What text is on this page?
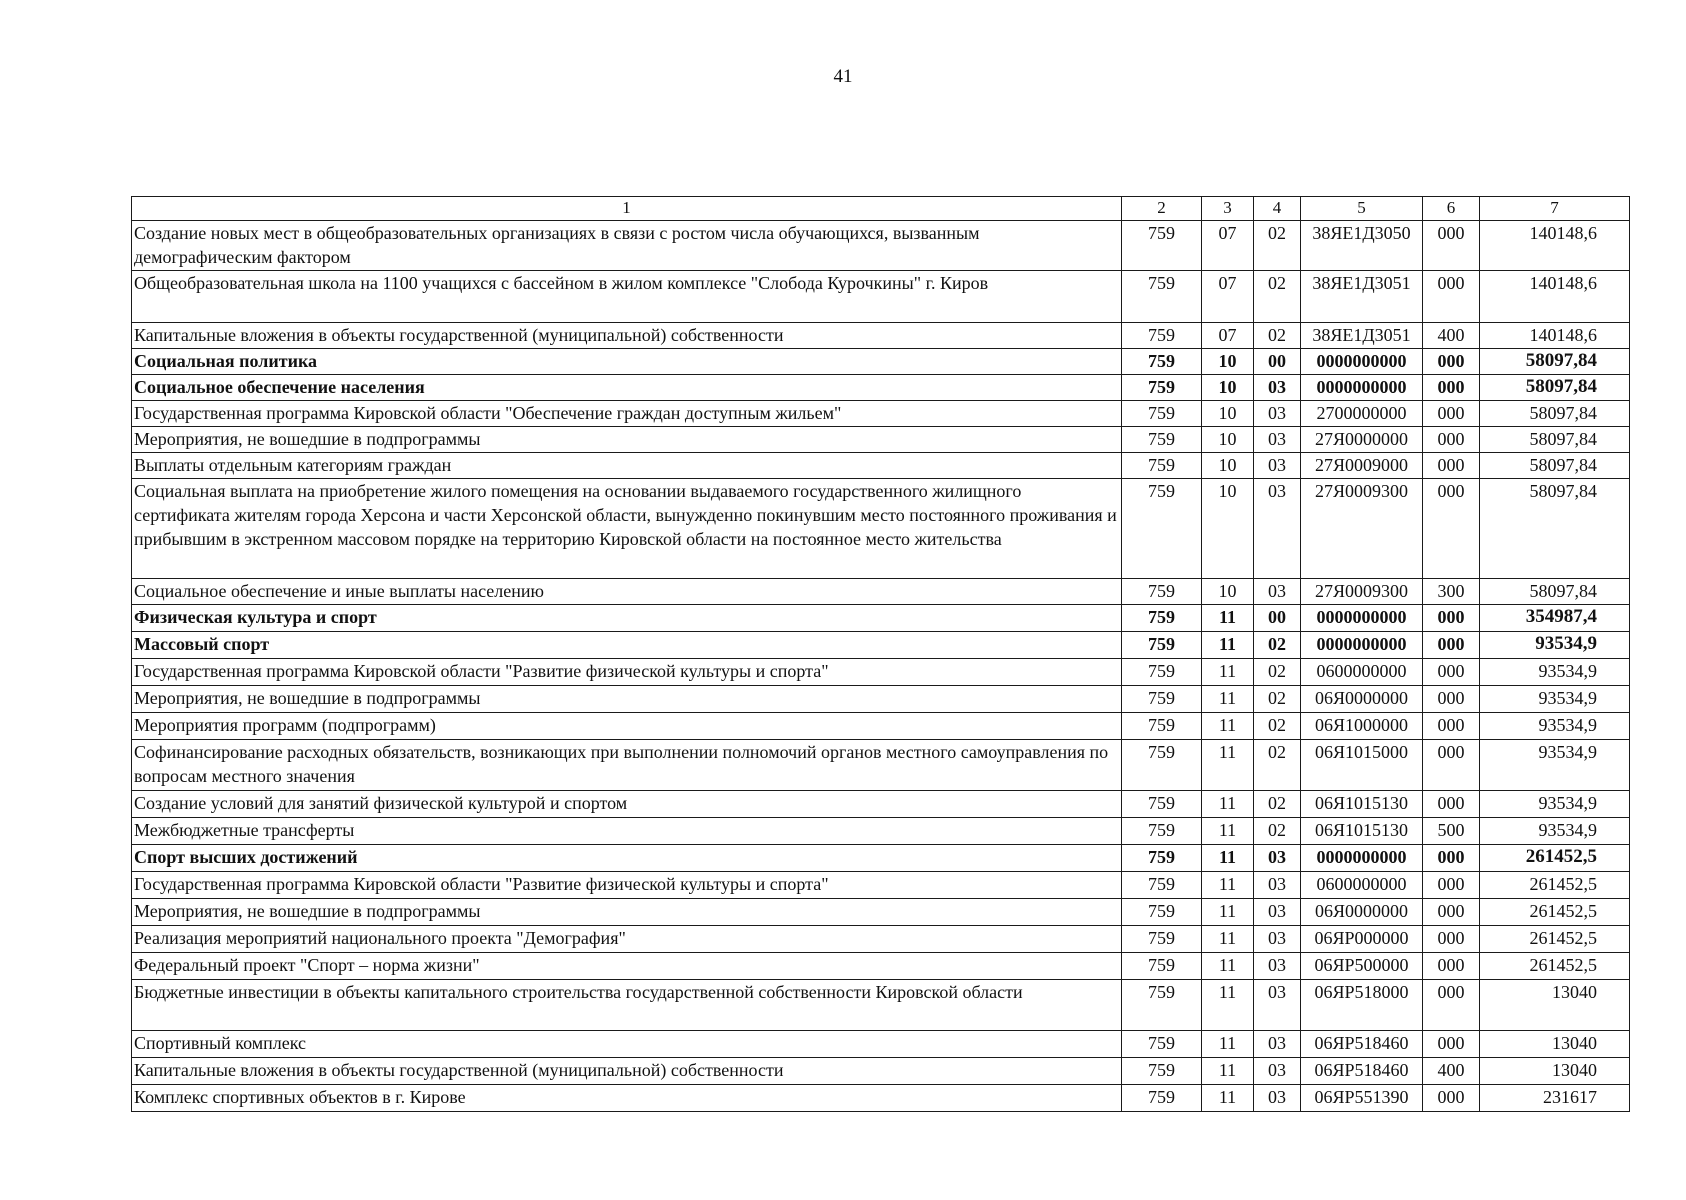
41
1	2	3	4	5	6	7
Создание новых мест в общеобразовательных организациях в связи с ростом числа обучающихся, вызванным демографическим фактором	759	07	02	38ЯЕ1Д3050	000	140148,6
Общеобразовательная школа на 1100 учащихся с бассейном в жилом комплексе "Слобода Курочкины" г. Киров	759	07	02	38ЯЕ1Д3051	000	140148,6
Капитальные вложения в объекты государственной (муниципальной) собственности	759	07	02	38ЯЕ1Д3051	400	140148,6
Социальная политика	759	10	00	0000000000	000	58097,84
Социальное обеспечение населения	759	10	03	0000000000	000	58097,84
Государственная программа Кировской области "Обеспечение граждан доступным жильем"	759	10	03	2700000000	000	58097,84
Мероприятия, не вошедшие в подпрограммы	759	10	03	27Я0000000	000	58097,84
Выплаты отдельным категориям граждан	759	10	03	27Я0009000	000	58097,84
Социальная выплата на приобретение жилого помещения на основании выдаваемого государственного жилищного сертификата жителям города Херсона и части Херсонской области, вынужденно покинувшим место постоянного проживания и прибывшим в экстренном массовом порядке на территорию Кировской области на постоянное место жительства	759	10	03	27Я0009300	000	58097,84
Социальное обеспечение и иные выплаты населению	759	10	03	27Я0009300	300	58097,84
Физическая культура и спорт	759	11	00	0000000000	000	354987,4
Массовый спорт	759	11	02	0000000000	000	93534,9
Государственная программа Кировской области "Развитие физической культуры и спорта"	759	11	02	0600000000	000	93534,9
Мероприятия, не вошедшие в подпрограммы	759	11	02	06Я0000000	000	93534,9
Мероприятия программ (подпрограмм)	759	11	02	06Я1000000	000	93534,9
Софинансирование расходных обязательств, возникающих при выполнении полномочий органов местного самоуправления по вопросам местного значения	759	11	02	06Я1015000	000	93534,9
Создание условий для занятий физической культурой и спортом	759	11	02	06Я1015130	000	93534,9
Межбюджетные трансферты	759	11	02	06Я1015130	500	93534,9
Спорт высших достижений	759	11	03	0000000000	000	261452,5
Государственная программа Кировской области "Развитие физической культуры и спорта"	759	11	03	0600000000	000	261452,5
Мероприятия, не вошедшие в подпрограммы	759	11	03	06Я0000000	000	261452,5
Реализация мероприятий национального проекта "Демография"	759	11	03	06ЯР000000	000	261452,5
Федеральный проект "Спорт – норма жизни"	759	11	03	06ЯР500000	000	261452,5
Бюджетные инвестиции в объекты капитального строительства государственной собственности Кировской области	759	11	03	06ЯР518000	000	13040
Спортивный комплекс	759	11	03	06ЯР518460	000	13040
Капитальные вложения в объекты государственной (муниципальной) собственности	759	11	03	06ЯР518460	400	13040
Комплекс спортивных объектов в г. Кирове	759	11	03	06ЯР551390	000	231617
